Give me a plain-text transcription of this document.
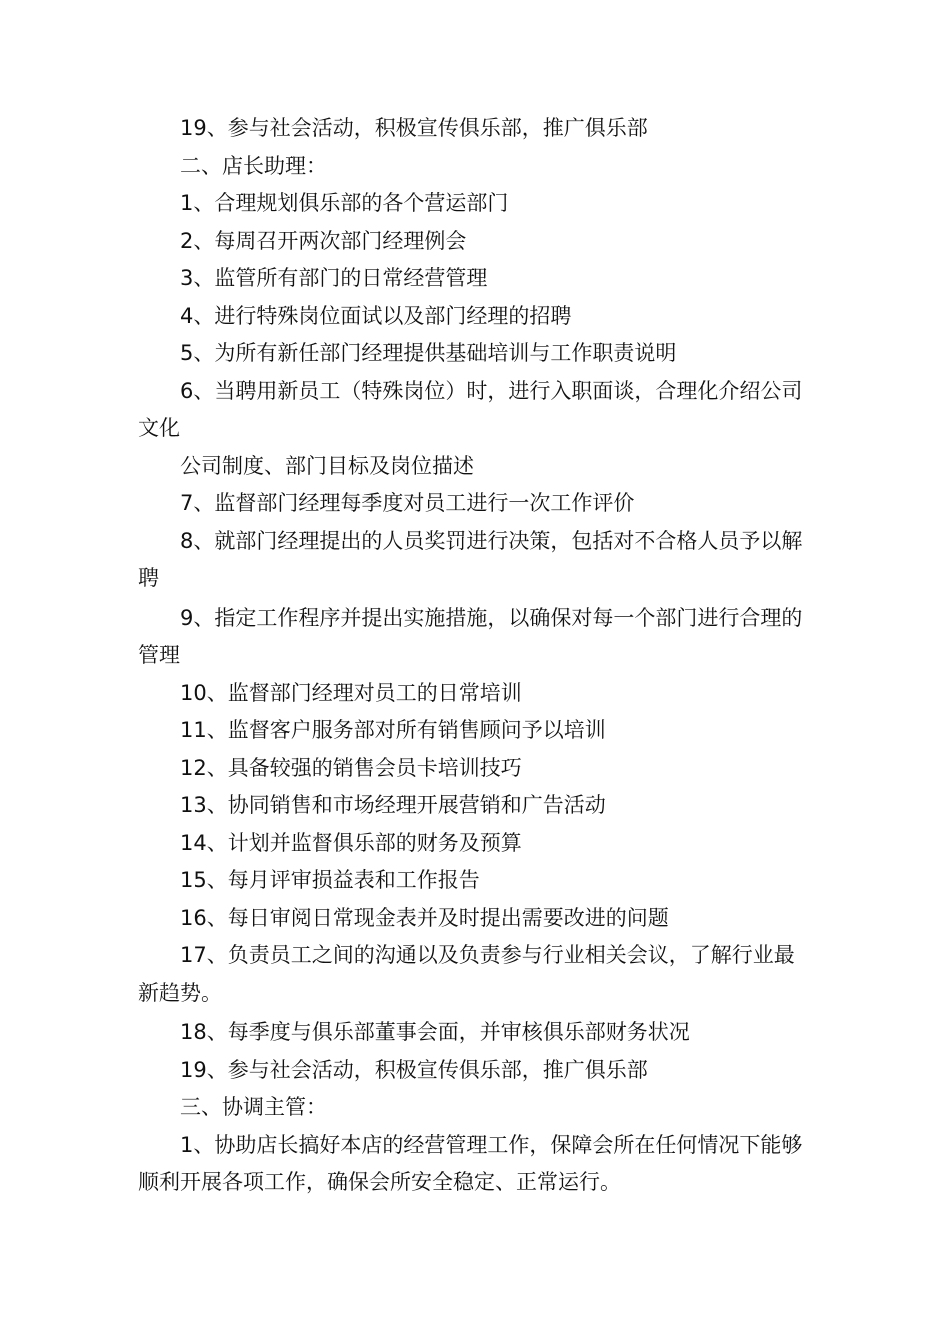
19、参与社会活动，积极宣传俱乐部，推广俱乐部

二、店长助理：

1、合理规划俱乐部的各个营运部门

2、每周召开两次部门经理例会

3、监管所有部门的日常经营管理

4、进行特殊岗位面试以及部门经理的招聘

5、为所有新任部门经理提供基础培训与工作职责说明

6、当聘用新员工（特殊岗位）时，进行入职面谈，合理化介绍公司文化

公司制度、部门目标及岗位描述

7、监督部门经理每季度对员工进行一次工作评价

8、就部门经理提出的人员奖罚进行决策，包括对不合格人员予以解聘

9、指定工作程序并提出实施措施，以确保对每一个部门进行合理的管理

10、监督部门经理对员工的日常培训

11、监督客户服务部对所有销售顾问予以培训

12、具备较强的销售会员卡培训技巧

13、协同销售和市场经理开展营销和广告活动

14、计划并监督俱乐部的财务及预算

15、每月评审损益表和工作报告

16、每日审阅日常现金表并及时提出需要改进的问题

17、负责员工之间的沟通以及负责参与行业相关会议，了解行业最新趋势。

18、每季度与俱乐部董事会面，并审核俱乐部财务状况

19、参与社会活动，积极宣传俱乐部，推广俱乐部

三、协调主管：

1、协助店长搞好本店的经营管理工作，保障会所在任何情况下能够顺利开展各项工作，确保会所安全稳定、正常运行。
